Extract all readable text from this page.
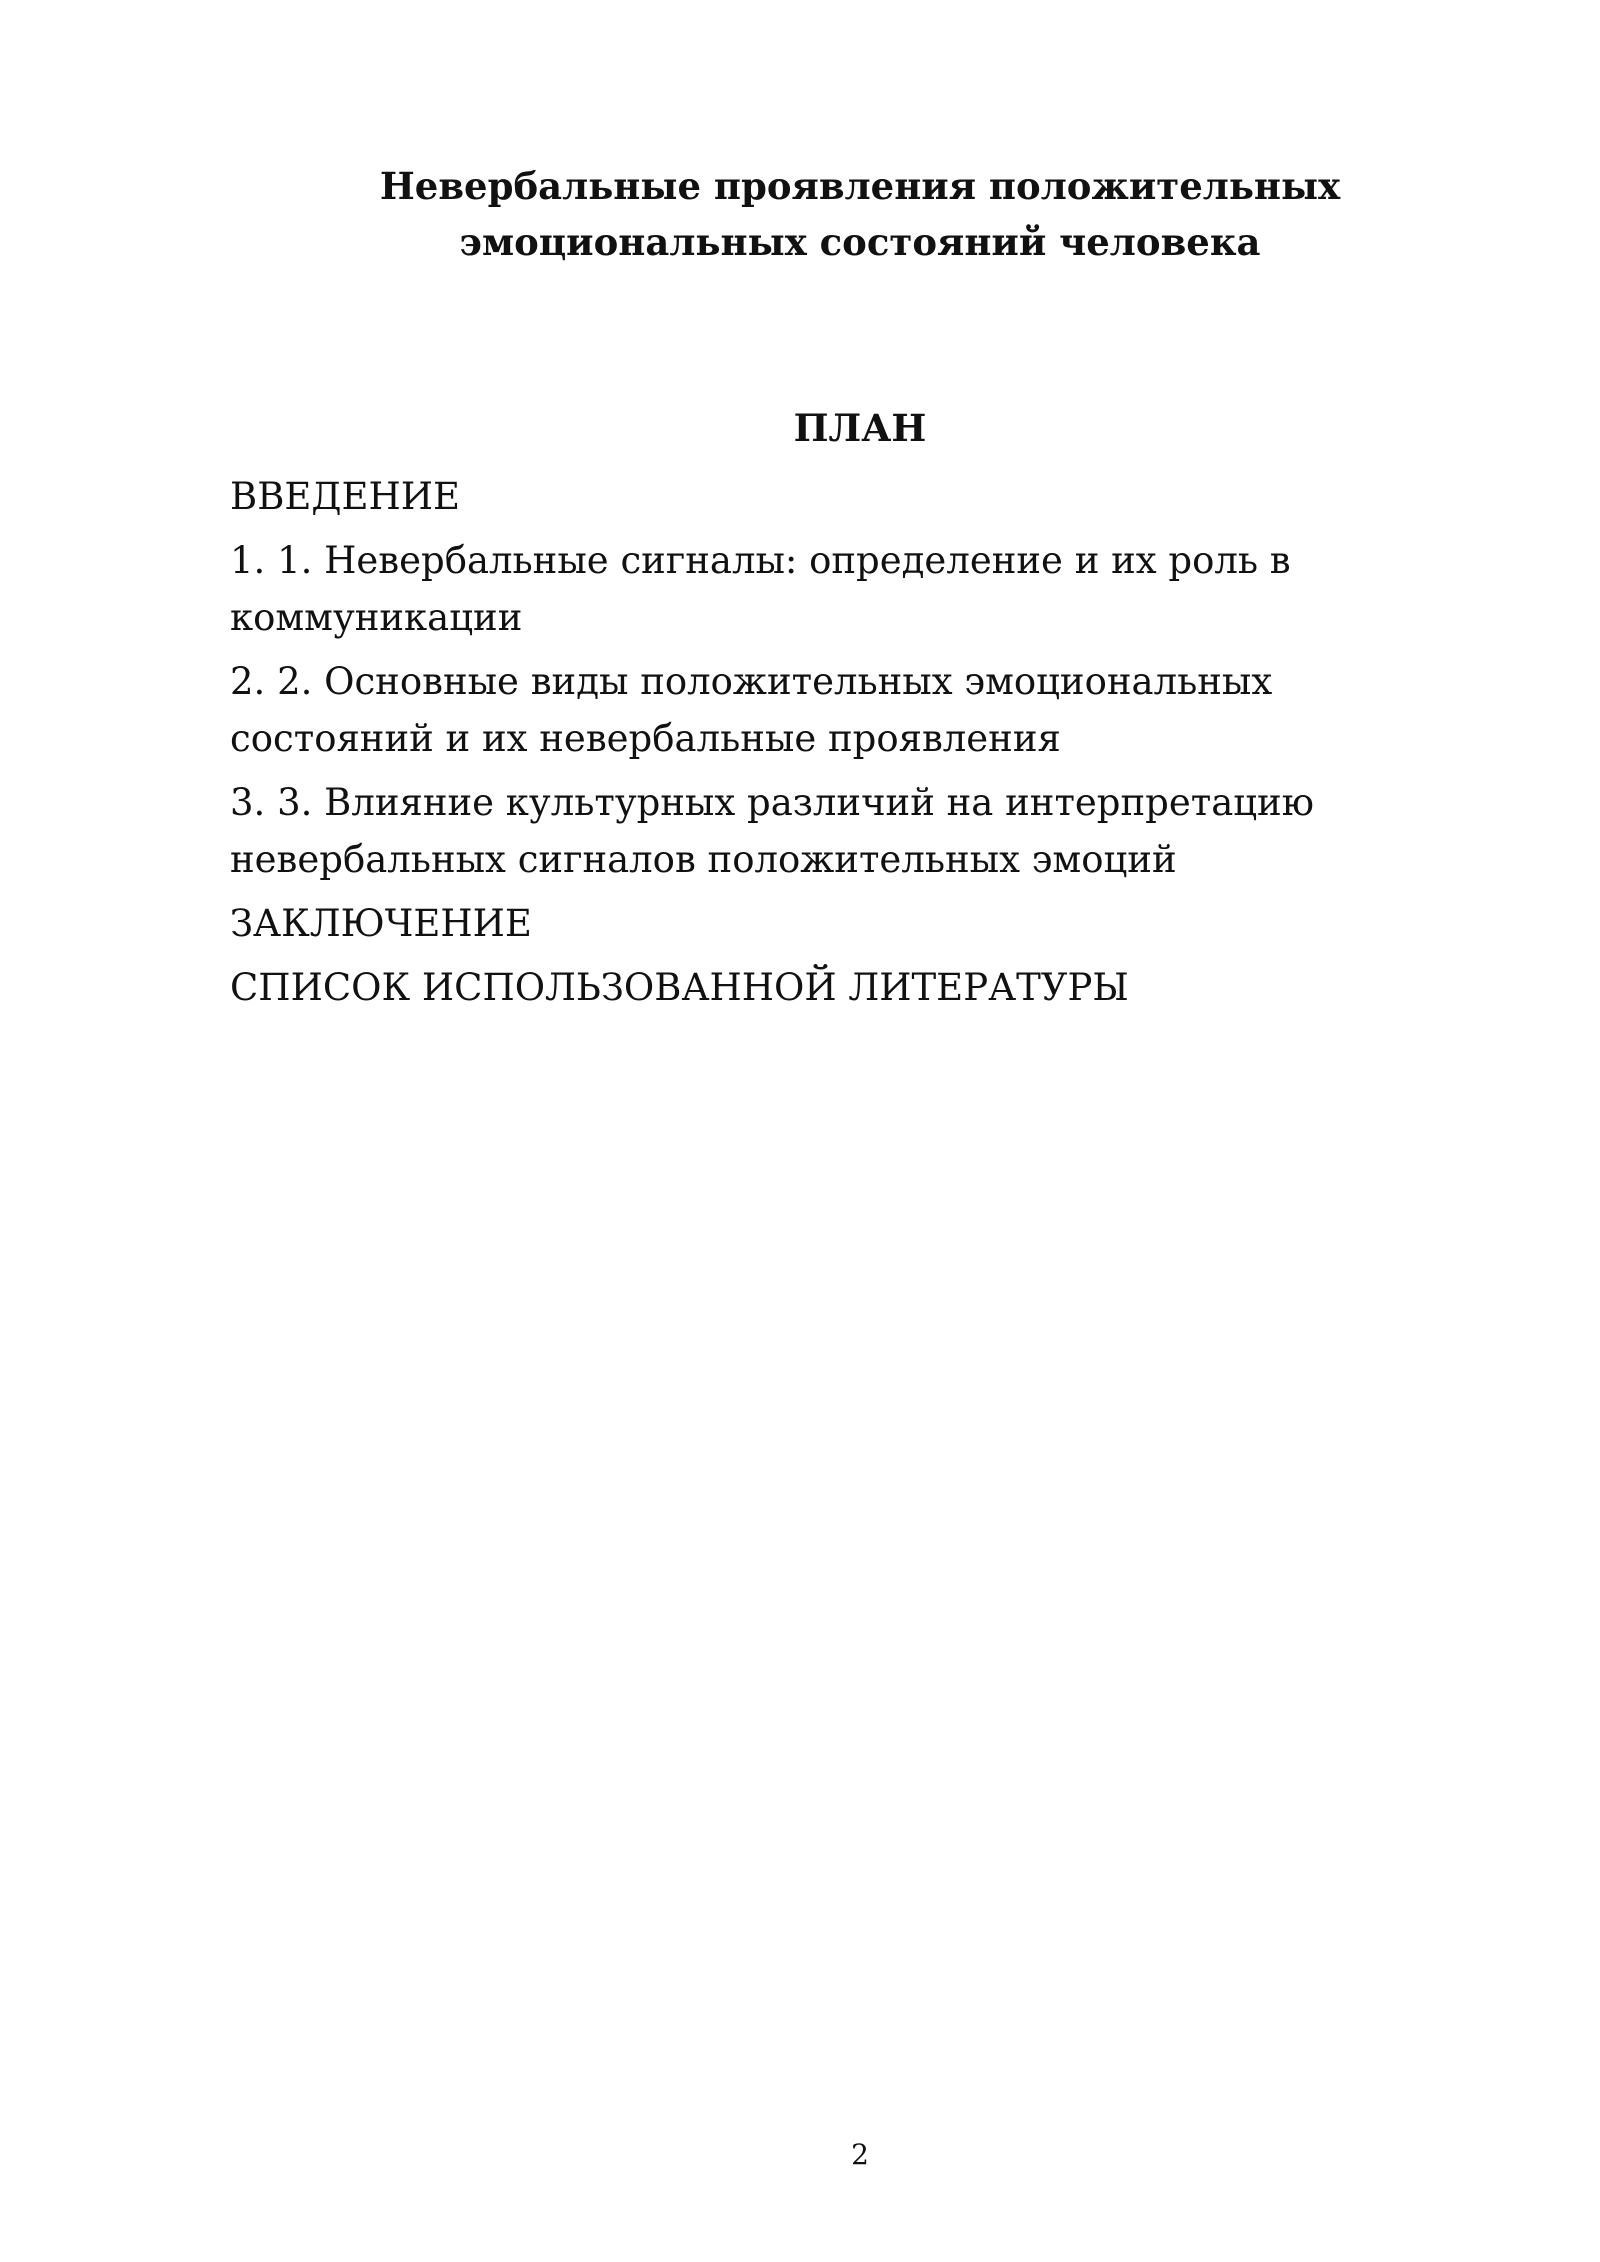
Невербальные проявления положительных
эмоциональных состояний человека
ПЛАН
ВВЕДЕНИЕ
1. 1. Невербальные сигналы: определение и их роль в коммуникации
2. 2. Основные виды положительных эмоциональных состояний и их невербальные проявления
3. 3. Влияние культурных различий на интерпретацию невербальных сигналов положительных эмоций
ЗАКЛЮЧЕНИЕ
СПИСОК ИСПОЛЬЗОВАННОЙ ЛИТЕРАТУРЫ
2
